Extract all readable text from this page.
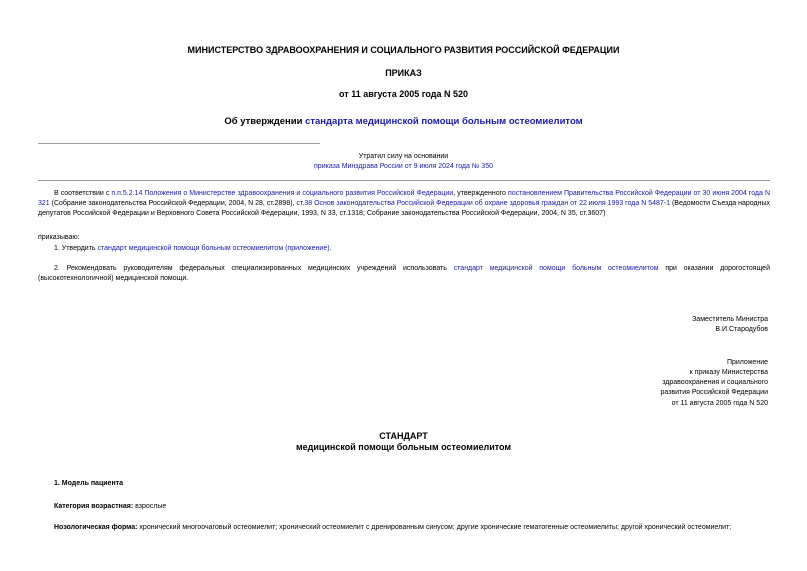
МИНИСТЕРСТВО ЗДРАВООХРАНЕНИЯ И СОЦИАЛЬНОГО РАЗВИТИЯ РОССИЙСКОЙ ФЕДЕРАЦИИ
ПРИКАЗ
от 11 августа 2005 года N 520
Об утверждении стандарта медицинской помощи больным остеомиелитом
Утратил силу на основании
приказа Минздрава России от 9 июля 2024 года № 350
В соответствии с п.п.5.2.14 Положения о Министерстве здравоохранения и социального развития Российской Федерации, утвержденного постановлением Правительства Российской Федерации от 30 июня 2004 года N 321 (Собрание законодательства Российской Федерации, 2004, N 28, ст.2898), ст.38 Основ законодательства Российской Федерации об охране здоровья граждан от 22 июля 1993 года N 5487-1 (Ведомости Съезда народных депутатов Российской Федерации и Верховного Совета Российской Федерации, 1993, N 33, ст.1318; Собрание законодательства Российской Федерации, 2004, N 35, ст.3607)
приказываю:
1. Утвердить стандарт медицинской помощи больным остеомиелитом (приложение).
2. Рекомендовать руководителям федеральных специализированных медицинских учреждений использовать стандарт медицинской помощи больным остеомиелитом при оказании дорогостоящей (высокотехнологичной) медицинской помощи.
Заместитель Министра
В.И.Стародубов
Приложение
к приказу Министерства
здравоохранения и социального
развития Российской Федерации
от 11 августа 2005 года N 520
СТАНДАРТ
медицинской помощи больным остеомиелитом
1. Модель пациента
Категория возрастная: взрослые
Нозологическая форма: хронический многоочаговый остеомиелит; хронический остеомиелит с дренированным синусом; другие хронические гематогенные остеомиелиты; другой хронический остеомиелит;
